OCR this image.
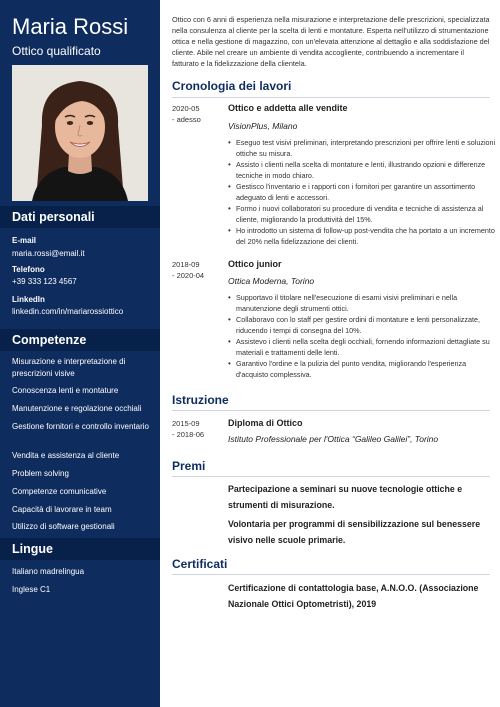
Maria Rossi
Ottico qualificato
Dati personali
E-mail
maria.rossi@email.it
Telefono
+39 333 123 4567
LinkedIn
linkedin.com/in/mariarossiottico
Competenze
Misurazione e interpretazione di prescrizioni visive
Conoscenza lenti e montature
Manutenzione e regolazione occhiali
Gestione fornitori e controllo inventario
Vendita e assistenza al cliente
Problem solving
Competenze comunicative
Capacità di lavorare in team
Utilizzo di software gestionali
Lingue
Italiano madrelingua
Inglese C1
Ottico con 6 anni di esperienza nella misurazione e interpretazione delle prescrizioni, specializzata nella consulenza al cliente per la scelta di lenti e montature. Esperta nell'utilizzo di strumentazione ottica e nella gestione di magazzino, con un'elevata attenzione al dettaglio e alla soddisfazione del cliente. Abile nel creare un ambiente di vendita accogliente, contribuendo a incrementare il fatturato e la fidelizzazione della clientela.
Cronologia dei lavori
2020-05
- adesso
Ottico e addetta alle vendite
VisionPlus, Milano
• Eseguo test visivi preliminari, interpretando prescrizioni per offrire lenti e soluzioni ottiche su misura.
• Assisto i clienti nella scelta di montature e lenti, illustrando opzioni e differenze tecniche in modo chiaro.
• Gestisco l'inventario e i rapporti con i fornitori per garantire un assortimento adeguato di lenti e accessori.
• Formo i nuovi collaboratori su procedure di vendita e tecniche di assistenza al cliente, migliorando la produttività del 15%.
• Ho introdotto un sistema di follow-up post-vendita che ha portato a un incremento del 20% nella fidelizzazione dei clienti.
2018-09
- 2020-04
Ottico junior
Ottica Moderna, Torino
• Supportavo il titolare nell'esecuzione di esami visivi preliminari e nella manutenzione degli strumenti ottici.
• Collaboravo con lo staff per gestire ordini di montature e lenti personalizzate, riducendo i tempi di consegna del 10%.
• Assistevo i clienti nella scelta degli occhiali, fornendo informazioni dettagliate su materiali e trattamenti delle lenti.
• Garantivo l'ordine e la pulizia del punto vendita, migliorando l'esperienza d'acquisto complessiva.
Istruzione
2015-09
- 2018-06
Diploma di Ottico
Istituto Professionale per l'Ottica “Galileo Galilei”, Torino
Premi
Partecipazione a seminari su nuove tecnologie ottiche e strumenti di misurazione.
Volontaria per programmi di sensibilizzazione sul benessere visivo nelle scuole primarie.
Certificati
Certificazione di contattologia base, A.N.O.O. (Associazione Nazionale Ottici Optometristi), 2019
